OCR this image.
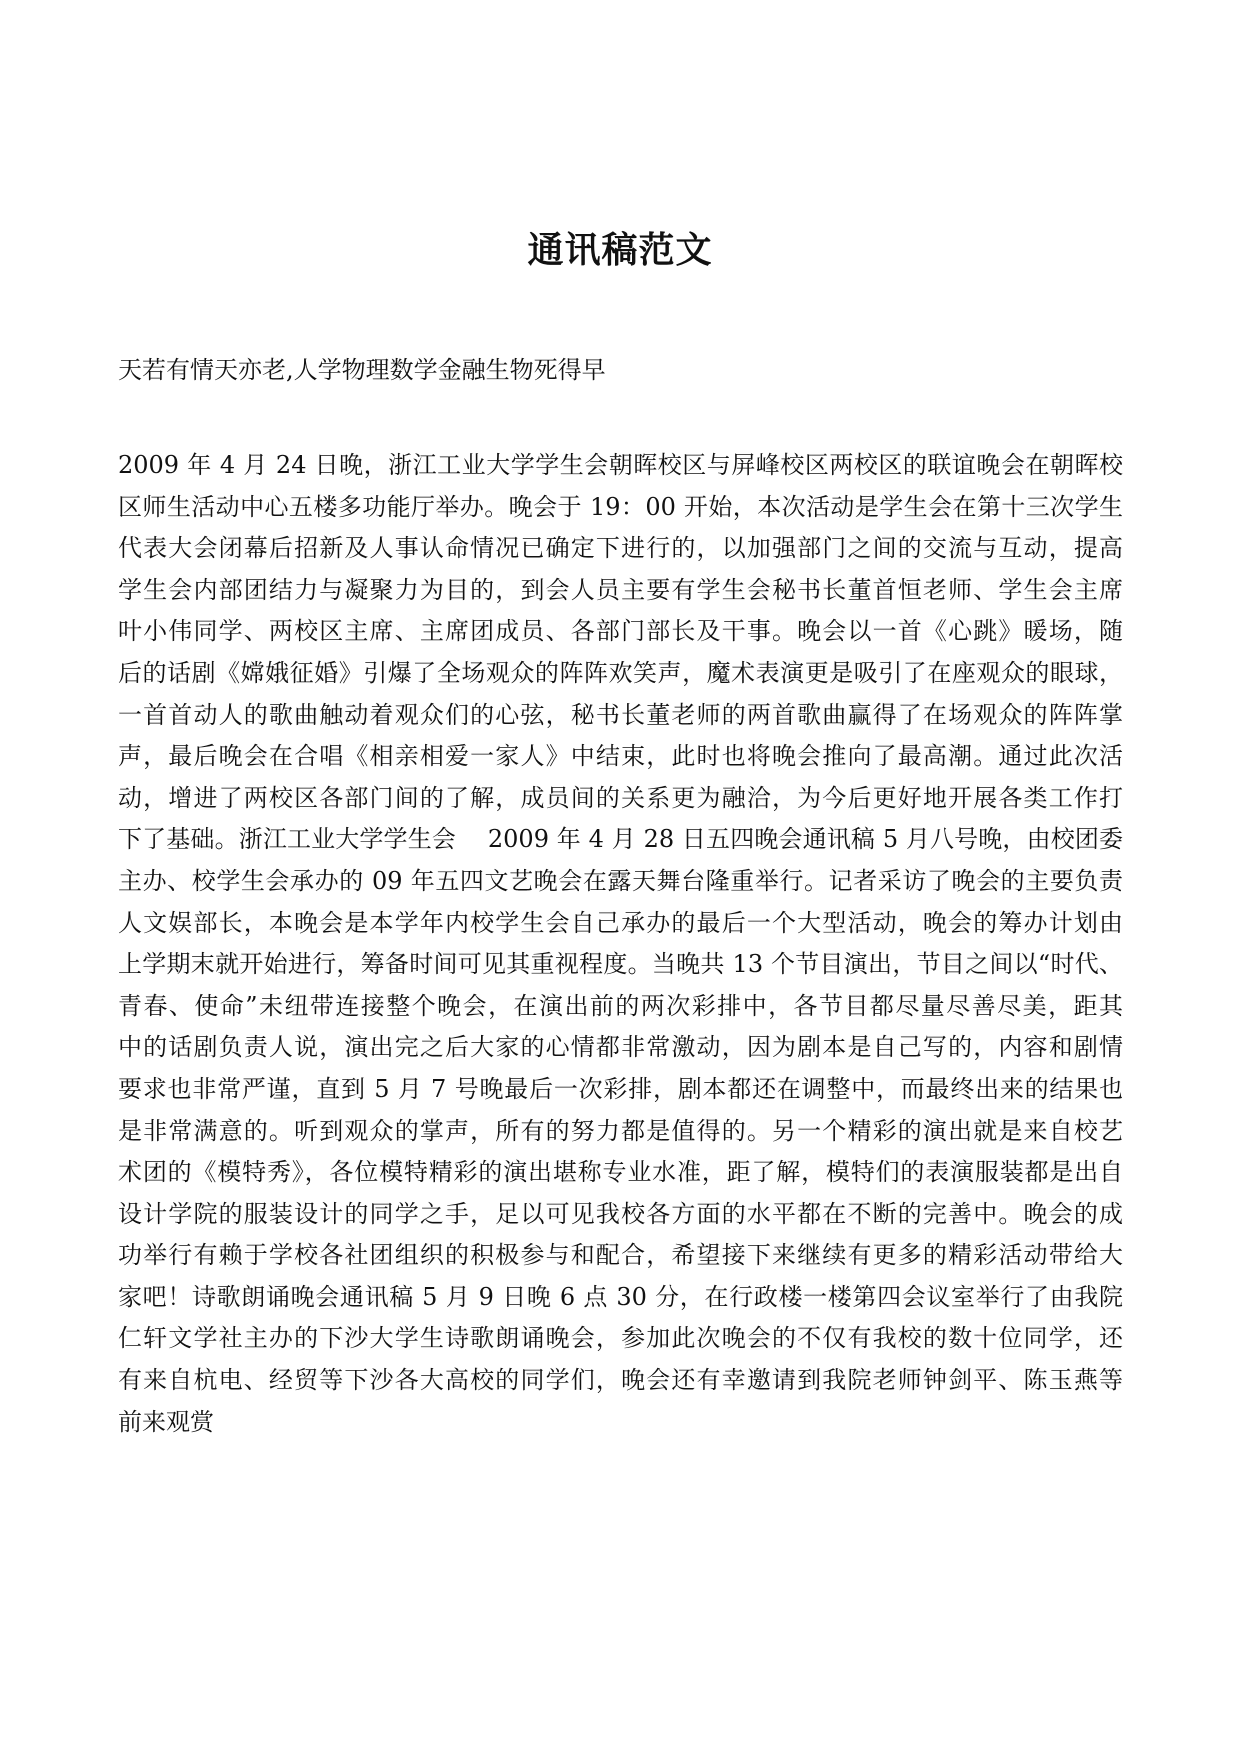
通讯稿范文

天若有情天亦老,人学物理数学金融生物死得早

2009 年 4 月 24 日晚，浙江工业大学学生会朝晖校区与屏峰校区两校区的联谊晚会在朝晖校
区师生活动中心五楼多功能厅举办。晚会于 19：00 开始，本次活动是学生会在第十三次学生
代表大会闭幕后招新及人事认命情况已确定下进行的，以加强部门之间的交流与互动，提高
学生会内部团结力与凝聚力为目的，到会人员主要有学生会秘书长董首恒老师、学生会主席
叶小伟同学、两校区主席、主席团成员、各部门部长及干事。晚会以一首《心跳》暖场，随
后的话剧《嫦娥征婚》引爆了全场观众的阵阵欢笑声，魔术表演更是吸引了在座观众的眼球，
一首首动人的歌曲触动着观众们的心弦，秘书长董老师的两首歌曲赢得了在场观众的阵阵掌
声，最后晚会在合唱《相亲相爱一家人》中结束，此时也将晚会推向了最高潮。通过此次活
动，增进了两校区各部门间的了解，成员间的关系更为融洽，为今后更好地开展各类工作打
下了基础。浙江工业大学学生会　 2009 年 4 月 28 日五四晚会通讯稿 5 月八号晚，由校团委
主办、校学生会承办的 09 年五四文艺晚会在露天舞台隆重举行。记者采访了晚会的主要负责
人文娱部长，本晚会是本学年内校学生会自己承办的最后一个大型活动，晚会的筹办计划由
上学期末就开始进行，筹备时间可见其重视程度。当晚共 13 个节目演出，节目之间以“时代、
青春、使命”未纽带连接整个晚会，在演出前的两次彩排中，各节目都尽量尽善尽美，距其
中的话剧负责人说，演出完之后大家的心情都非常激动，因为剧本是自己写的，内容和剧情
要求也非常严谨，直到 5 月 7 号晚最后一次彩排，剧本都还在调整中，而最终出来的结果也
是非常满意的。听到观众的掌声，所有的努力都是值得的。另一个精彩的演出就是来自校艺
术团的《模特秀》，各位模特精彩的演出堪称专业水准，距了解，模特们的表演服装都是出自
设计学院的服装设计的同学之手，足以可见我校各方面的水平都在不断的完善中。晚会的成
功举行有赖于学校各社团组织的积极参与和配合，希望接下来继续有更多的精彩活动带给大
家吧！诗歌朗诵晚会通讯稿 5 月 9 日晚 6 点 30 分，在行政楼一楼第四会议室举行了由我院
仁轩文学社主办的下沙大学生诗歌朗诵晚会，参加此次晚会的不仅有我校的数十位同学，还
有来自杭电、经贸等下沙各大高校的同学们，晚会还有幸邀请到我院老师钟剑平、陈玉燕等
前来观赏
